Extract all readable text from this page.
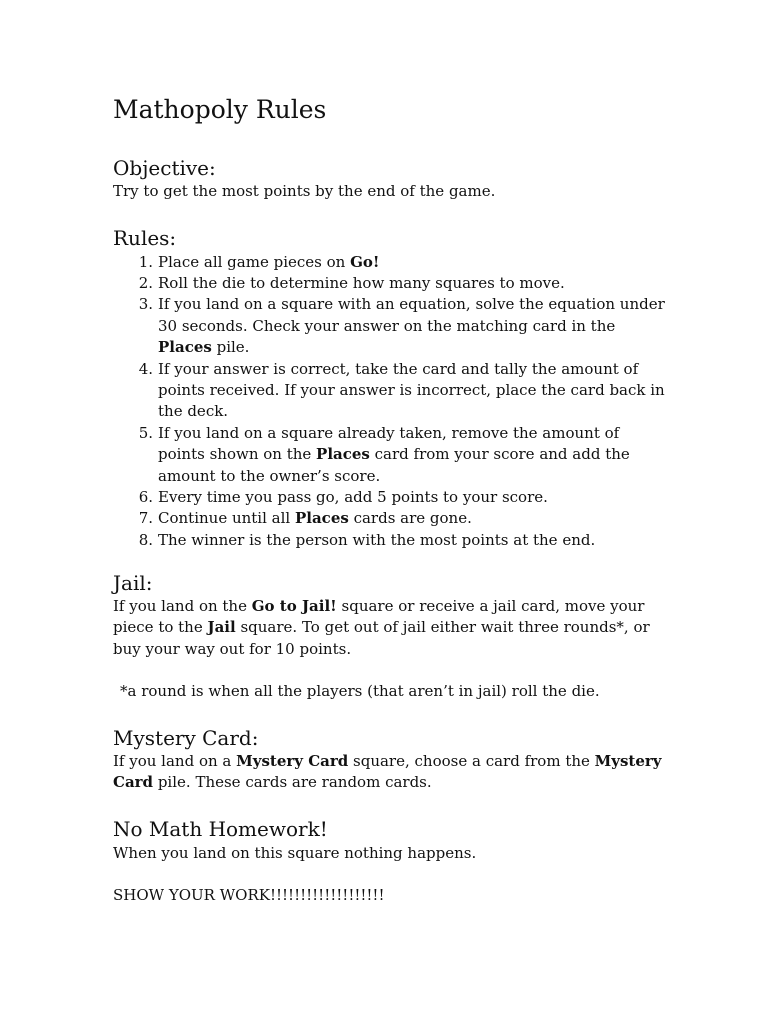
Mathopoly Rules
Objective:

Try to get the most points by the end of the game.

Rules:
1. Place all game pieces on Go!
2. Roll the die to determine how many squares to move.
3. If you land on a square with an equation, solve the equation under
30 seconds. Check your answer on the matching card in the
Places pile.
4. If your answer is correct, take the card and tally the amount of
points received. If your answer is incorrect, place the card back in
the deck.
5. If you land on a square already taken, remove the amount of
points shown on the Places card from your score and add the
amount to the owner’s score.
6. Every time you pass go, add 5 points to your score.
7. Continue until all Places cards are gone.
8. The winner is the person with the most points at the end.
Jail:

If you land on the Go to Jail! square or receive a jail card, move your
piece to the Jail square. To get out of jail either wait three rounds*, or
buy your way out for 10 points.

*a round is when all the players (that aren’t in jail) roll the die.

Mystery Card:

If you land on a Mystery Card square, choose a card from the Mystery
Card pile. These cards are random cards.

No Math Homework!

When you land on this square nothing happens.

SHOW YOUR WORK!!!!!!!!!!!!!!!!!!!
